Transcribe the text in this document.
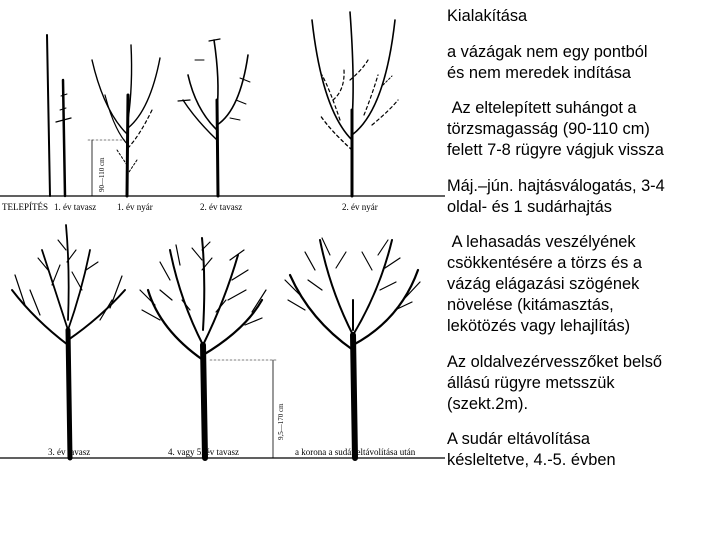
TELEPÍTÉS 1. év tavasz 1. év nyár	2. év tavasz	2. év nyár
90—110 cm
3. év tavasz	4. vagy 5. év tavasz	a korona a sudár eltávolítása után
9,5—170 cm

Kialakítása

a vázágak nem egy pontból
és nem meredek indítása

Az eltelepített suhángot a
törzsmagasság (90-110 cm)
felett 7-8 rügyre vágjuk vissza

Máj.–jún. hajtásválogatás, 3-4
oldal- és 1 sudárhajtás

A lehasadás veszélyének
csökkentésére a törzs és a
vázág elágazási szögének
növelése (kitámasztás,
lekötözés vagy lehajlítás)

Az oldalvezérvesszőket belső
állású rügyre metsszük
(szekt.2m).

A sudár eltávolítása
késleltetve, 4.-5. évben
